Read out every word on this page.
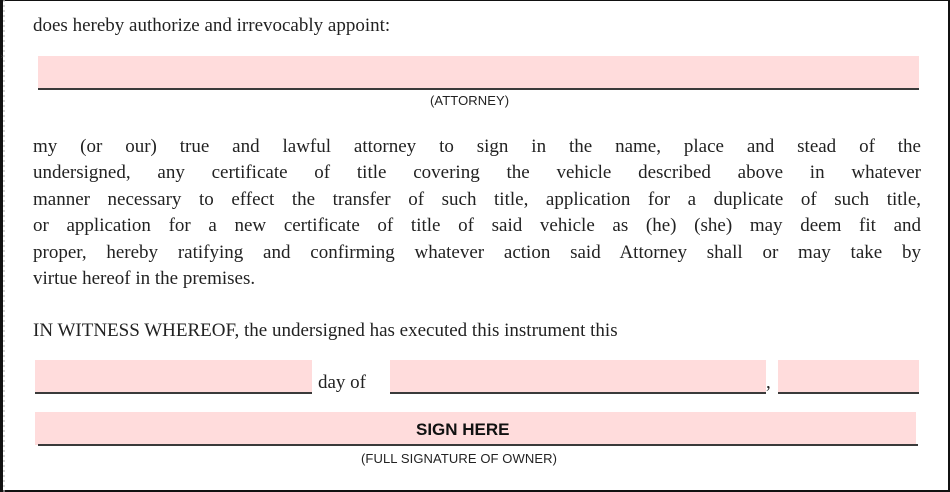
›
does hereby authorize and irrevocably appoint:
(ATTORNEY)
my (or our) true and lawful attorney to sign in the name, place and stead of the
undersigned, any certificate of title covering the vehicle described above in whatever
manner necessary to effect the transfer of such title, application for a duplicate of such title,
or application for a new certificate of title of said vehicle as (he) (she) may deem fit and
proper, hereby ratifying and confirming whatever action said Attorney shall or may take by
virtue hereof in the premises.
IN WITNESS WHEREOF, the undersigned has executed this instrument this
day of	,
SIGN HERE
(FULL SIGNATURE OF OWNER)
